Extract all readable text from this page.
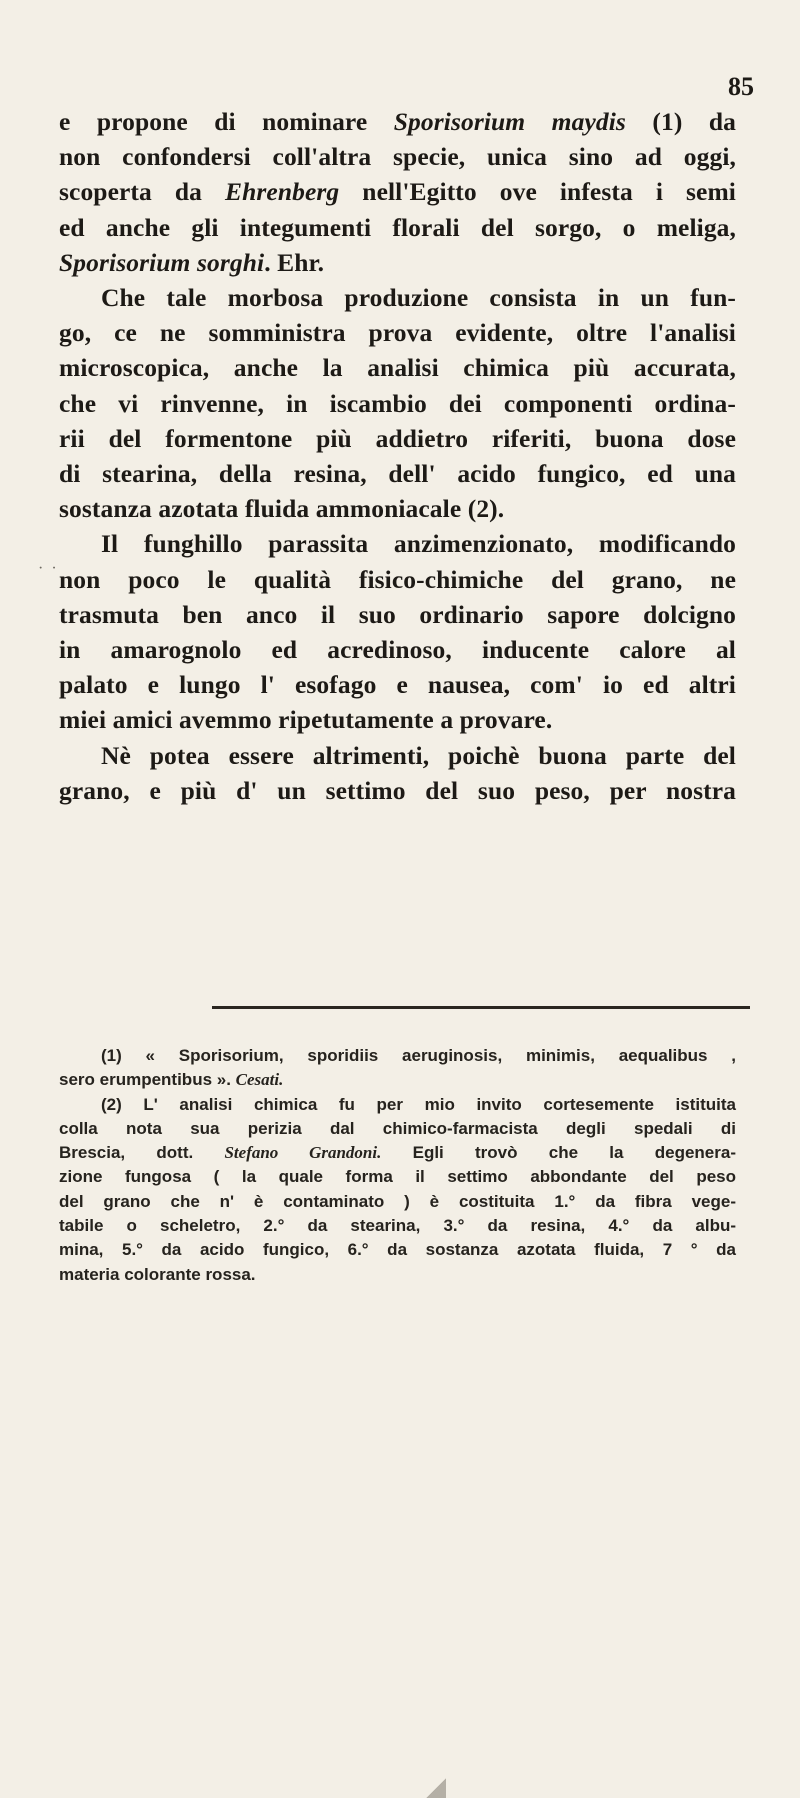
85
· ·
e propone di nominare Sporisorium maydis (1) da
non confondersi coll'altra specie, unica sino ad oggi,
scoperta da Ehrenberg nell'Egitto ove infesta i semi
ed anche gli integumenti florali del sorgo, o meliga,
Sporisorium sorghi. Ehr.
Che tale morbosa produzione consista in un fun-
go, ce ne somministra prova evidente, oltre l'analisi
microscopica, anche la analisi chimica più accurata,
che vi rinvenne, in iscambio dei componenti ordina-
rii del formentone più addietro riferiti, buona dose
di stearina, della resina, dell' acido fungico, ed una
sostanza azotata fluida ammoniacale (2).
Il funghillo parassita anzimenzionato, modificando
non poco le qualità fisico-chimiche del grano, ne
trasmuta ben anco il suo ordinario sapore dolcigno
in amarognolo ed acredinoso, inducente calore al
palato e lungo l' esofago e nausea, com' io ed altri
miei amici avemmo ripetutamente a provare.
Nè potea essere altrimenti, poichè buona parte del
grano, e più d' un settimo del suo peso, per nostra
(1) « Sporisorium, sporidiis aeruginosis, minimis, aequalibus ,
sero erumpentibus ». Cesati.
(2) L' analisi chimica fu per mio invito cortesemente istituita
colla nota sua perizia dal chimico-farmacista degli spedali di
Brescia, dott. Stefano Grandoni. Egli trovò che la degenera-
zione fungosa ( la quale forma il settimo abbondante del peso
del grano che n' è contaminato ) è costituita 1.° da fibra vege-
tabile o scheletro, 2.° da stearina, 3.° da resina, 4.° da albu-
mina, 5.° da acido fungico, 6.° da sostanza azotata fluida, 7 ° da
materia colorante rossa.
